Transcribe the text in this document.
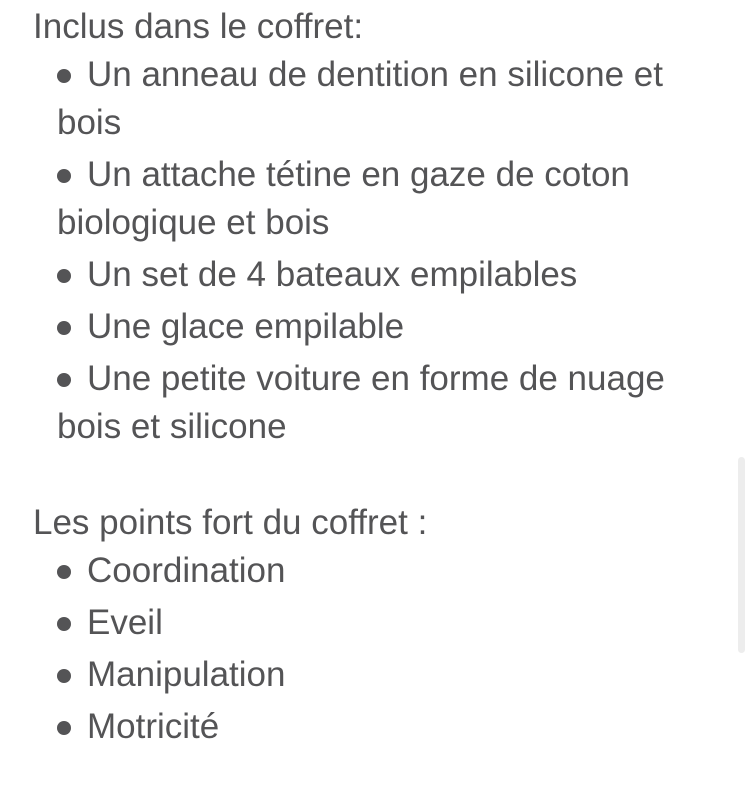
Inclus dans le coffret:

Un anneau de dentition en silicone et bois
Un attache tétine en gaze de coton biologique et bois
Un set de 4 bateaux empilables
Une glace empilable
Une petite voiture en forme de nuage bois et silicone

Les points fort du coffret :

Coordination
Eveil
Manipulation
Motricité
